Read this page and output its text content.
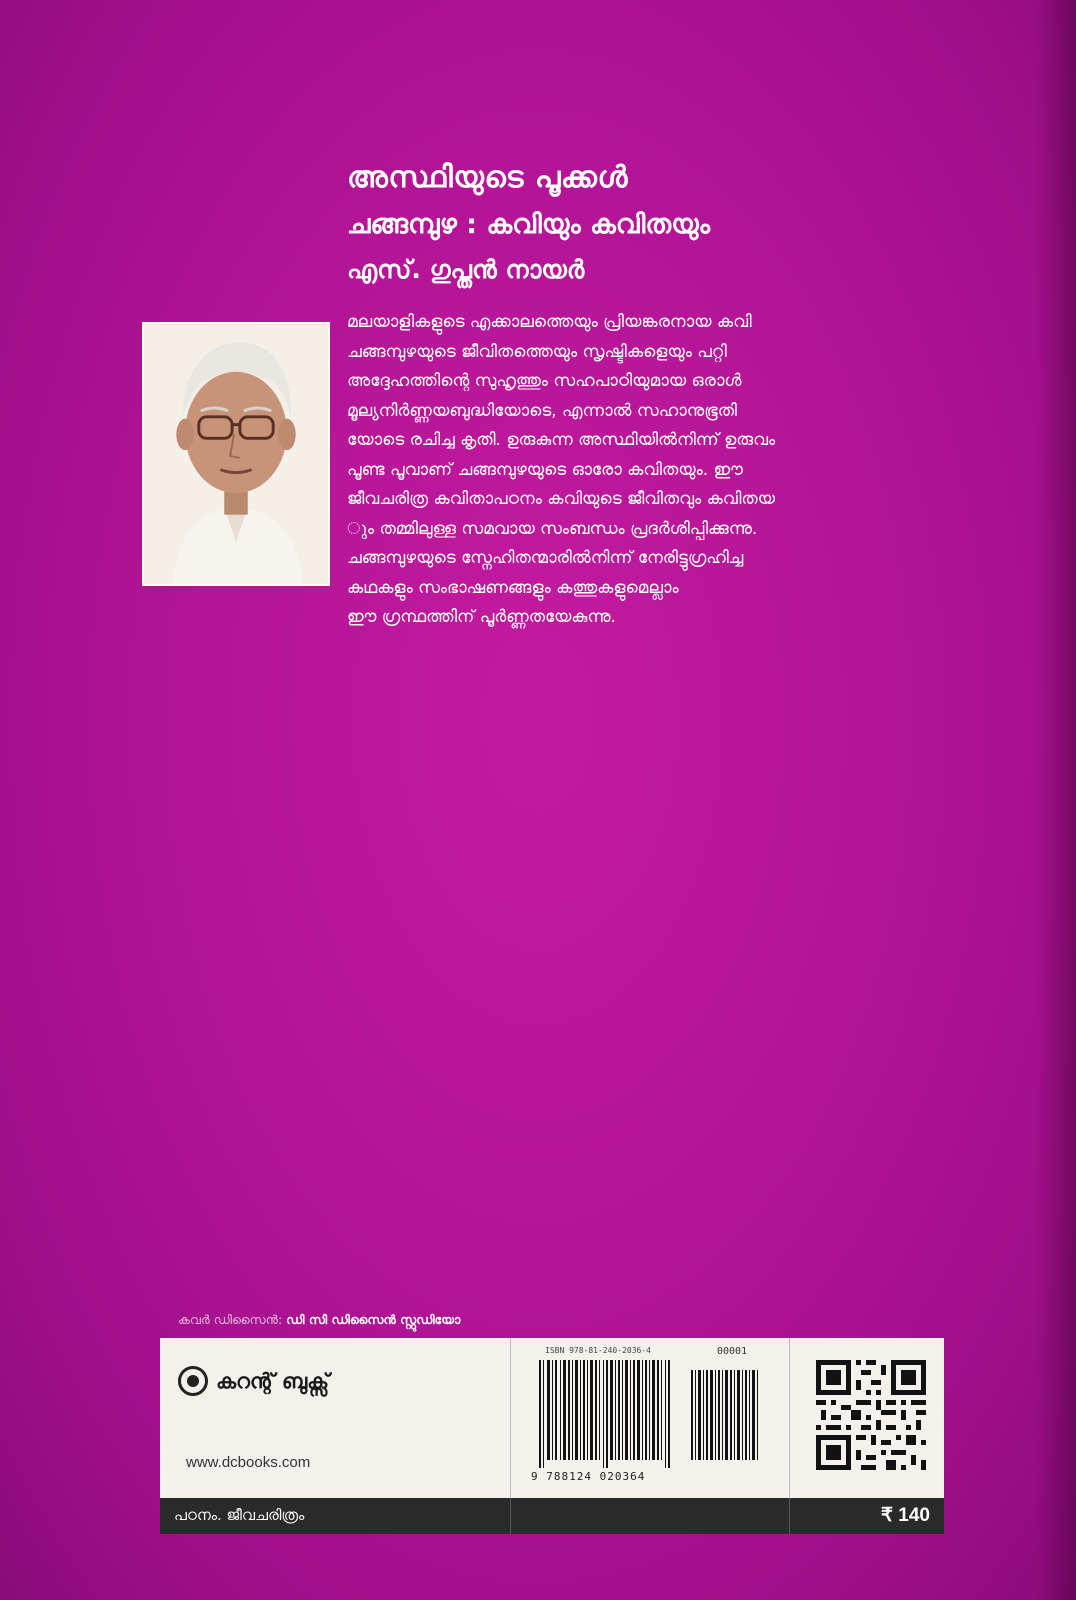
അസ്ഥിയുടെ പൂക്കൾ

ചങ്ങമ്പുഴ : കവിയും കവിതയും

എസ്. ഗുപ്തൻ നായർ

മലയാളികളുടെ എക്കാലത്തെയും പ്രിയങ്കരനായ കവി
ചങ്ങമ്പുഴയുടെ ജീവിതത്തെയും സൃഷ്ടികളെയും പറ്റി
അദ്ദേഹത്തിന്റെ സുഹൃത്തും സഹപാഠിയുമായ ഒരാൾ
മൂല്യനിർണ്ണയബുദ്ധിയോടെ, എന്നാൽ സഹാനുഭൂതി
യോടെ രചിച്ച കൃതി. ഉരുകുന്ന അസ്ഥിയിൽനിന്ന് ഉരുവം
പൂണ്ട പൂവാണ് ചങ്ങമ്പുഴയുടെ ഓരോ കവിതയും. ഈ
ജീവചരിത്ര കവിതാപഠനം കവിയുടെ ജീവിതവും കവിതയ
ും തമ്മിലുള്ള സമവായ സംബന്ധം പ്രദർശിപ്പിക്കുന്നു.
ചങ്ങമ്പുഴയുടെ സ്നേഹിതന്മാരിൽനിന്ന് നേരിട്ടുഗ്രഹിച്ച
കഥകളും സംഭാഷണങ്ങളും കത്തുകളുമെല്ലാം
ഈ ഗ്രന്ഥത്തിന് പൂർണ്ണതയേകുന്നു.
കവർ ഡിസൈൻ: ഡി സി ഡിസൈൻ സ്റ്റുഡിയോ
കറന്റ് ബുക്സ്
www.dcbooks.com
ISBN 978-81-240-2036-4	00001
9 788124 020364
പഠനം. ജീവചരിത്രം	₹ 140
